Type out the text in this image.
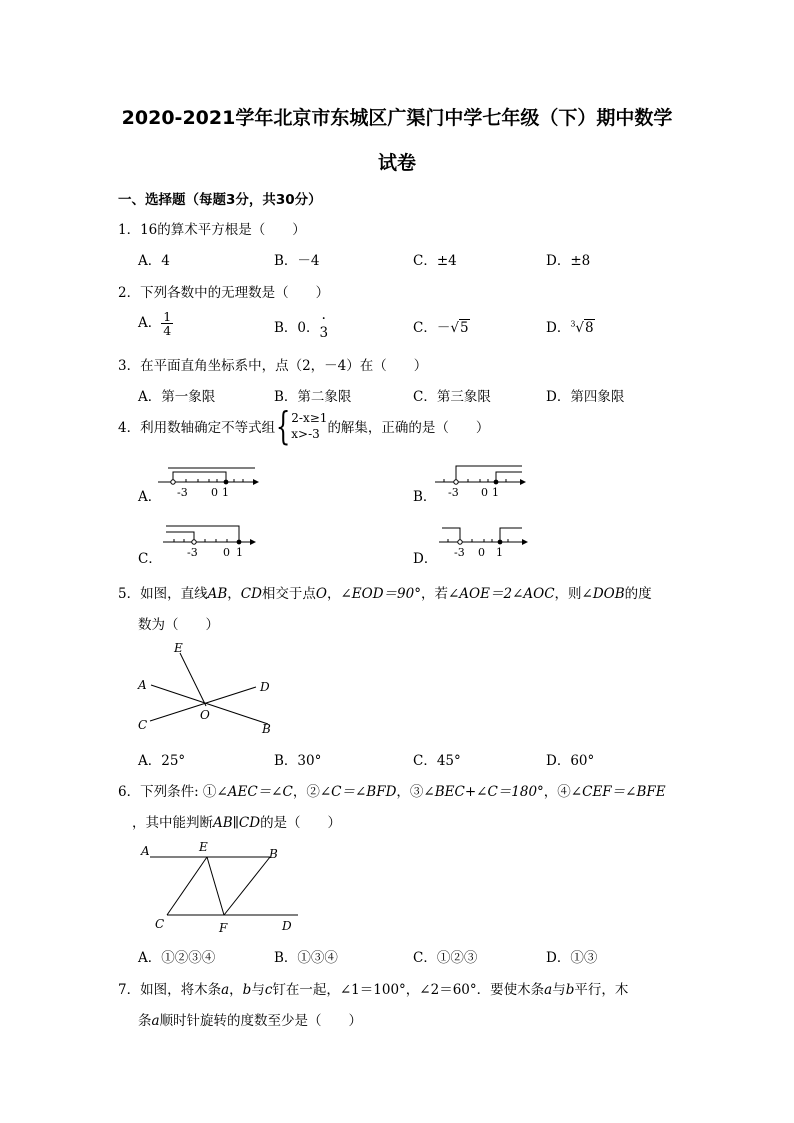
2020-2021学年北京市东城区广渠门中学七年级（下）期中数学
试卷
一、选择题（每题3分，共30分）
1．16的算术平方根是（　　）
A．4	B．－4	C．±4	D．±8
2．下列各数中的无理数是（　　）
A． $\frac{1}{4}$	B．0．3
·
C．－√5	D．$^3$√8
3．在平面直角坐标系中，点（2，－4）在（　　）
A．第一象限	B．第二象限	C．第三象限	D．第四象限
4．利用数轴确定不等式组{ 2-x≥1
x>-3 的解集，正确的是（　　）
A． -3 0 1	B． -3 0 1
C． -3 0 1	D． -3 0 1
5．如图，直线AB，CD相交于点O，∠EOD＝90°，若∠AOE＝2∠AOC，则∠DOB的度
数为（　　）
E
A	D
C
O
B
A．25°	B．30°	C．45°	D．60°
6．下列条件: ①∠AEC＝∠C，②∠C＝∠BFD，③∠BEC+∠C＝180°，④∠CEF＝∠BFE
，其中能判断AB∥CD的是（　　）
A	E	B
C	F	D
A．①②③④	B．①③④	C．①②③	D．①③
7．如图，将木条a，b与c钉在一起，∠1＝100°，∠2＝60°．要使木条a与b平行，木
条a顺时针旋转的度数至少是（　　）
